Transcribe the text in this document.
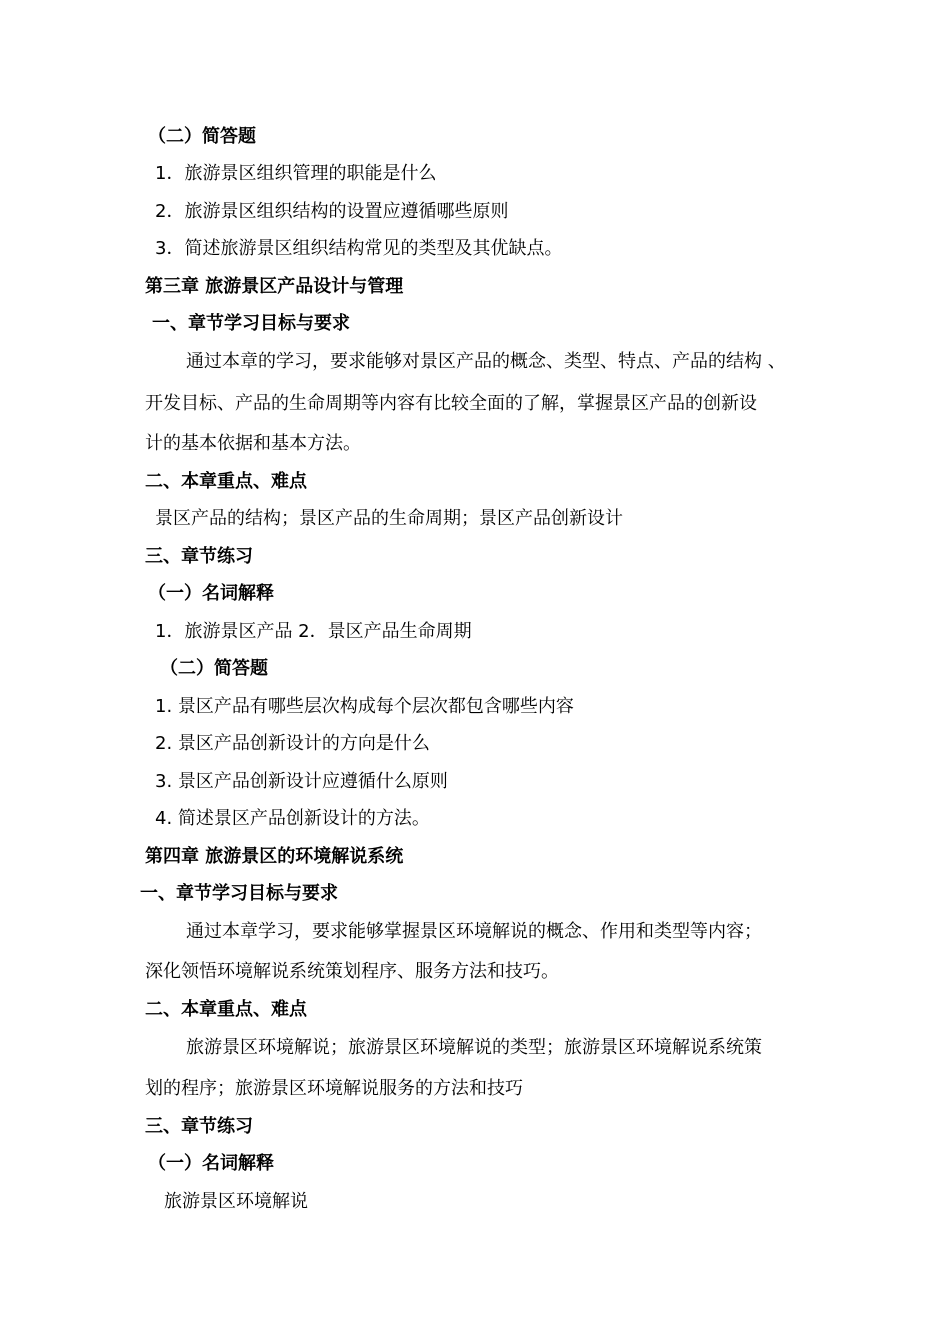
（二）简答题
1．旅游景区组织管理的职能是什么
2．旅游景区组织结构的设置应遵循哪些原则
3．简述旅游景区组织结构常见的类型及其优缺点。
第三章 旅游景区产品设计与管理
一、章节学习目标与要求
通过本章的学习，要求能够对景区产品的概念、类型、特点、产品的结构 、
开发目标、产品的生命周期等内容有比较全面的了解，掌握景区产品的创新设
计的基本依据和基本方法。
二、本章重点、难点
景区产品的结构；景区产品的生命周期；景区产品创新设计
三、章节练习
（一）名词解释
1．旅游景区产品 2．景区产品生命周期
（二）简答题
1. 景区产品有哪些层次构成每个层次都包含哪些内容
2. 景区产品创新设计的方向是什么
3. 景区产品创新设计应遵循什么原则
4. 简述景区产品创新设计的方法。
第四章 旅游景区的环境解说系统
一、章节学习目标与要求
通过本章学习，要求能够掌握景区环境解说的概念、作用和类型等内容；
深化领悟环境解说系统策划程序、服务方法和技巧。
二、本章重点、难点
旅游景区环境解说；旅游景区环境解说的类型；旅游景区环境解说系统策
划的程序；旅游景区环境解说服务的方法和技巧
三、章节练习
（一）名词解释
旅游景区环境解说
